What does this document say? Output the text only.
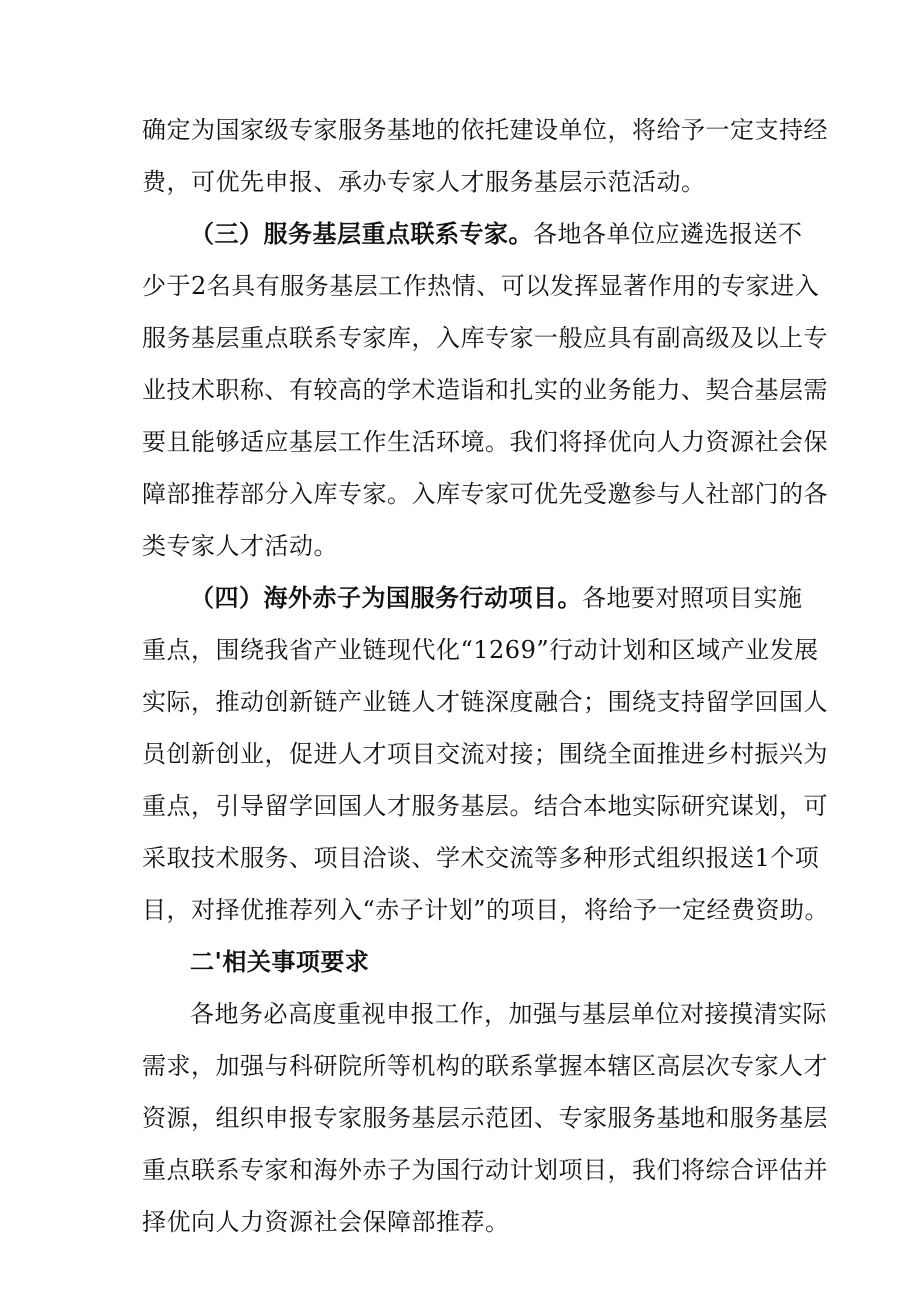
确定为国家级专家服务基地的依托建设单位，将给予一定支持经
费，可优先申报、承办专家人才服务基层示范活动。
（三）服务基层重点联系专家。各地各单位应遴选报送不
少于2名具有服务基层工作热情、可以发挥显著作用的专家进入
服务基层重点联系专家库，入库专家一般应具有副高级及以上专
业技术职称、有较高的学术造诣和扎实的业务能力、契合基层需
要且能够适应基层工作生活环境。我们将择优向人力资源社会保
障部推荐部分入库专家。入库专家可优先受邀参与人社部门的各
类专家人才活动。
（四）海外赤子为国服务行动项目。各地要对照项目实施
重点，围绕我省产业链现代化“1269”行动计划和区域产业发展
实际，推动创新链产业链人才链深度融合；围绕支持留学回国人
员创新创业，促进人才项目交流对接；围绕全面推进乡村振兴为
重点，引导留学回国人才服务基层。结合本地实际研究谋划，可
采取技术服务、项目洽谈、学术交流等多种形式组织报送1个项
目，对择优推荐列入“赤子计划”的项目，将给予一定经费资助。
二'相关事项要求
各地务必高度重视申报工作，加强与基层单位对接摸清实际
需求，加强与科研院所等机构的联系掌握本辖区高层次专家人才
资源，组织申报专家服务基层示范团、专家服务基地和服务基层
重点联系专家和海外赤子为国行动计划项目，我们将综合评估并
择优向人力资源社会保障部推荐。
